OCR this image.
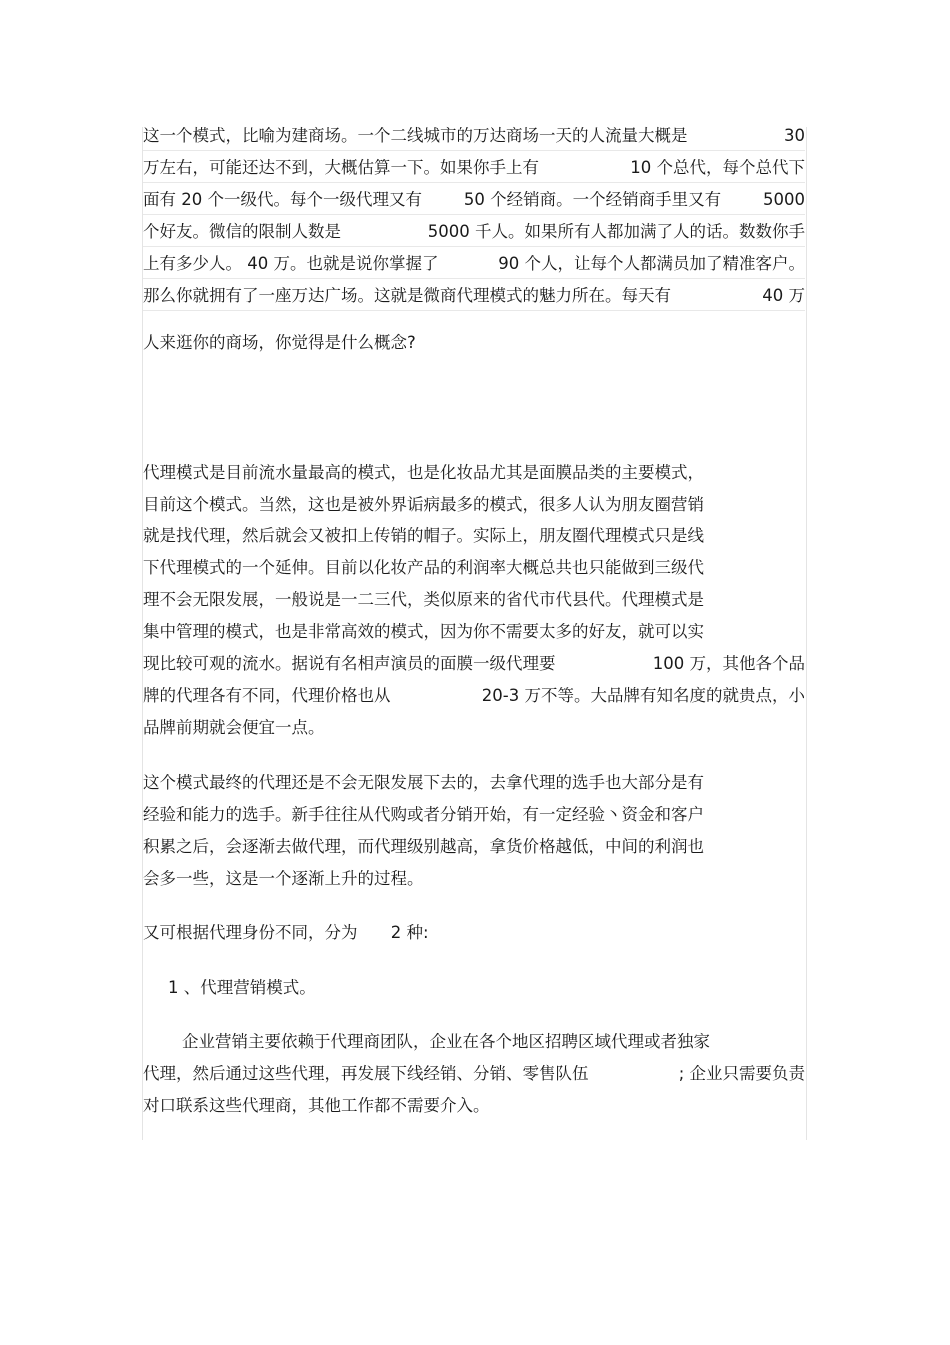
这一个模式，比喻为建商场。一个二线城市的万达商场一天的人流量大概是	30
万左右，可能还达不到，大概估算一下。如果你手上有	10 个总代，每个总代下
面有 20 个一级代。每个一级代理又有	50 个经销商。一个经销商手里又有	5000
个好友。微信的限制人数是	5000 千人。如果所有人都加满了人的话。数数你手
上有多少人。 40 万。也就是说你掌握了	90 个人，让每个人都满员加了精准客户。
那么你就拥有了一座万达广场。这就是微商代理模式的魅力所在。每天有	40 万
人来逛你的商场，你觉得是什么概念?
代理模式是目前流水量最高的模式，也是化妆品尤其是面膜品类的主要模式，
目前这个模式。当然，这也是被外界诟病最多的模式，很多人认为朋友圈营销
就是找代理，然后就会又被扣上传销的帽子。实际上，朋友圈代理模式只是线
下代理模式的一个延伸。目前以化妆产品的利润率大概总共也只能做到三级代
理不会无限发展，一般说是一二三代，类似原来的省代市代县代。代理模式是
集中管理的模式，也是非常高效的模式，因为你不需要太多的好友，就可以实
现比较可观的流水。据说有名相声演员的面膜一级代理要	100 万，其他各个品
牌的代理各有不同，代理价格也从	20-3 万不等。大品牌有知名度的就贵点，小
品牌前期就会便宜一点。
这个模式最终的代理还是不会无限发展下去的，去拿代理的选手也大部分是有
经验和能力的选手。新手往往从代购或者分销开始，有一定经验丶资金和客户
积累之后，会逐渐去做代理，而代理级别越高，拿货价格越低，中间的利润也
会多一些，这是一个逐渐上升的过程。
又可根据代理身份不同，分为 2 种:
1 、代理营销模式。
企业营销主要依赖于代理商团队，企业在各个地区招聘区域代理或者独家
代理，然后通过这些代理，再发展下线经销、分销、零售队伍	; 企业只需要负责
对口联系这些代理商，其他工作都不需要介入。
